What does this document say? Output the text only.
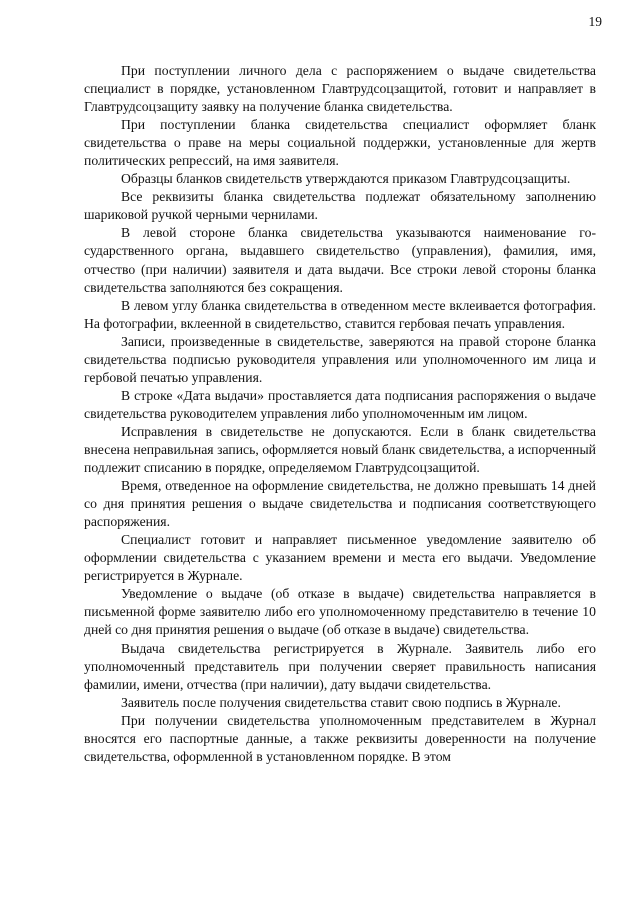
19

При поступлении личного дела с распоряжением о выдаче свидетельства специалист в порядке, установленном Главтрудсоцзащитой, готовит и направляет в Главтрудсоцзащиту заявку на получение бланка свидетельства.

При поступлении бланка свидетельства специалист оформляет бланк свидетельства о праве на меры социальной поддержки, установленные для жертв политических репрессий, на имя заявителя.

Образцы бланков свидетельств утверждаются приказом Главтрудсоцзащиты.

Все реквизиты бланка свидетельства подлежат обязательному заполнению шариковой ручкой черными чернилами.

В левой стороне бланка свидетельства указываются наименование государственного органа, выдавшего свидетельство (управления), фамилия, имя, отчество (при наличии) заявителя и дата выдачи. Все строки левой стороны бланка свидетельства заполняются без сокращения.

В левом углу бланка свидетельства в отведенном месте вклеивается фотография. На фотографии, вклеенной в свидетельство, ставится гербовая печать управления.

Записи, произведенные в свидетельстве, заверяются на правой стороне бланка свидетельства подписью руководителя управления или уполномоченного им лица и гербовой печатью управления.

В строке «Дата выдачи» проставляется дата подписания распоряжения о выдаче свидетельства руководителем управления либо уполномоченным им лицом.

Исправления в свидетельстве не допускаются. Если в бланк свидетельства внесена неправильная запись, оформляется новый бланк свидетельства, а испорченный подлежит списанию в порядке, определяемом Главтрудсоцзащитой.

Время, отведенное на оформление свидетельства, не должно превышать 14 дней со дня принятия решения о выдаче свидетельства и подписания соответствующего распоряжения.

Специалист готовит и направляет письменное уведомление заявителю об оформлении свидетельства с указанием времени и места его выдачи. Уведомление регистрируется в Журнале.

Уведомление о выдаче (об отказе в выдаче) свидетельства направляется в письменной форме заявителю либо его уполномоченному представителю в течение 10 дней со дня принятия решения о выдаче (об отказе в выдаче) свидетельства.

Выдача свидетельства регистрируется в Журнале. Заявитель либо его уполномоченный представитель при получении сверяет правильность написания фамилии, имени, отчества (при наличии), дату выдачи свидетельства.

Заявитель после получения свидетельства ставит свою подпись в Журнале.

При получении свидетельства уполномоченным представителем в Журнал вносятся его паспортные данные, а также реквизиты доверенности на получение свидетельства, оформленной в установленном порядке. В этом
